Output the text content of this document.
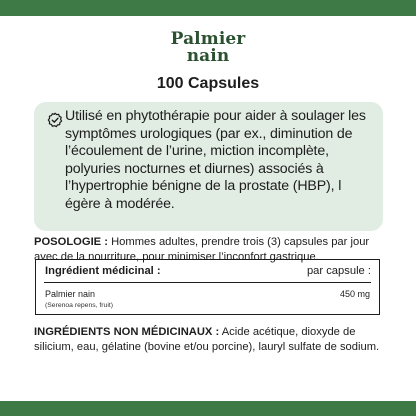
Palmier
nain
100 Capsules
Utilisé en phytothérapie pour aider à soulager les symptômes urologiques (par ex., diminution de l’écoulement de l’urine, miction incomplète, polyuries nocturnes et diurnes) associés à l’hypertrophie bénigne de la prostate (HBP), l égère à modérée.
POSOLOGIE : Hommes adultes, prendre trois (3) capsules par jour avec de la nourriture, pour minimiser l’inconfort gastrique.
Ingrédient médicinal :	par capsule :
Palmier nain
(Serenoa repens, fruit)
450 mg
INGRÉDIENTS NON MÉDICINAUX : Acide acétique, dioxyde de silicium, eau, gélatine (bovine et/ou porcine), lauryl sulfate de sodium.
